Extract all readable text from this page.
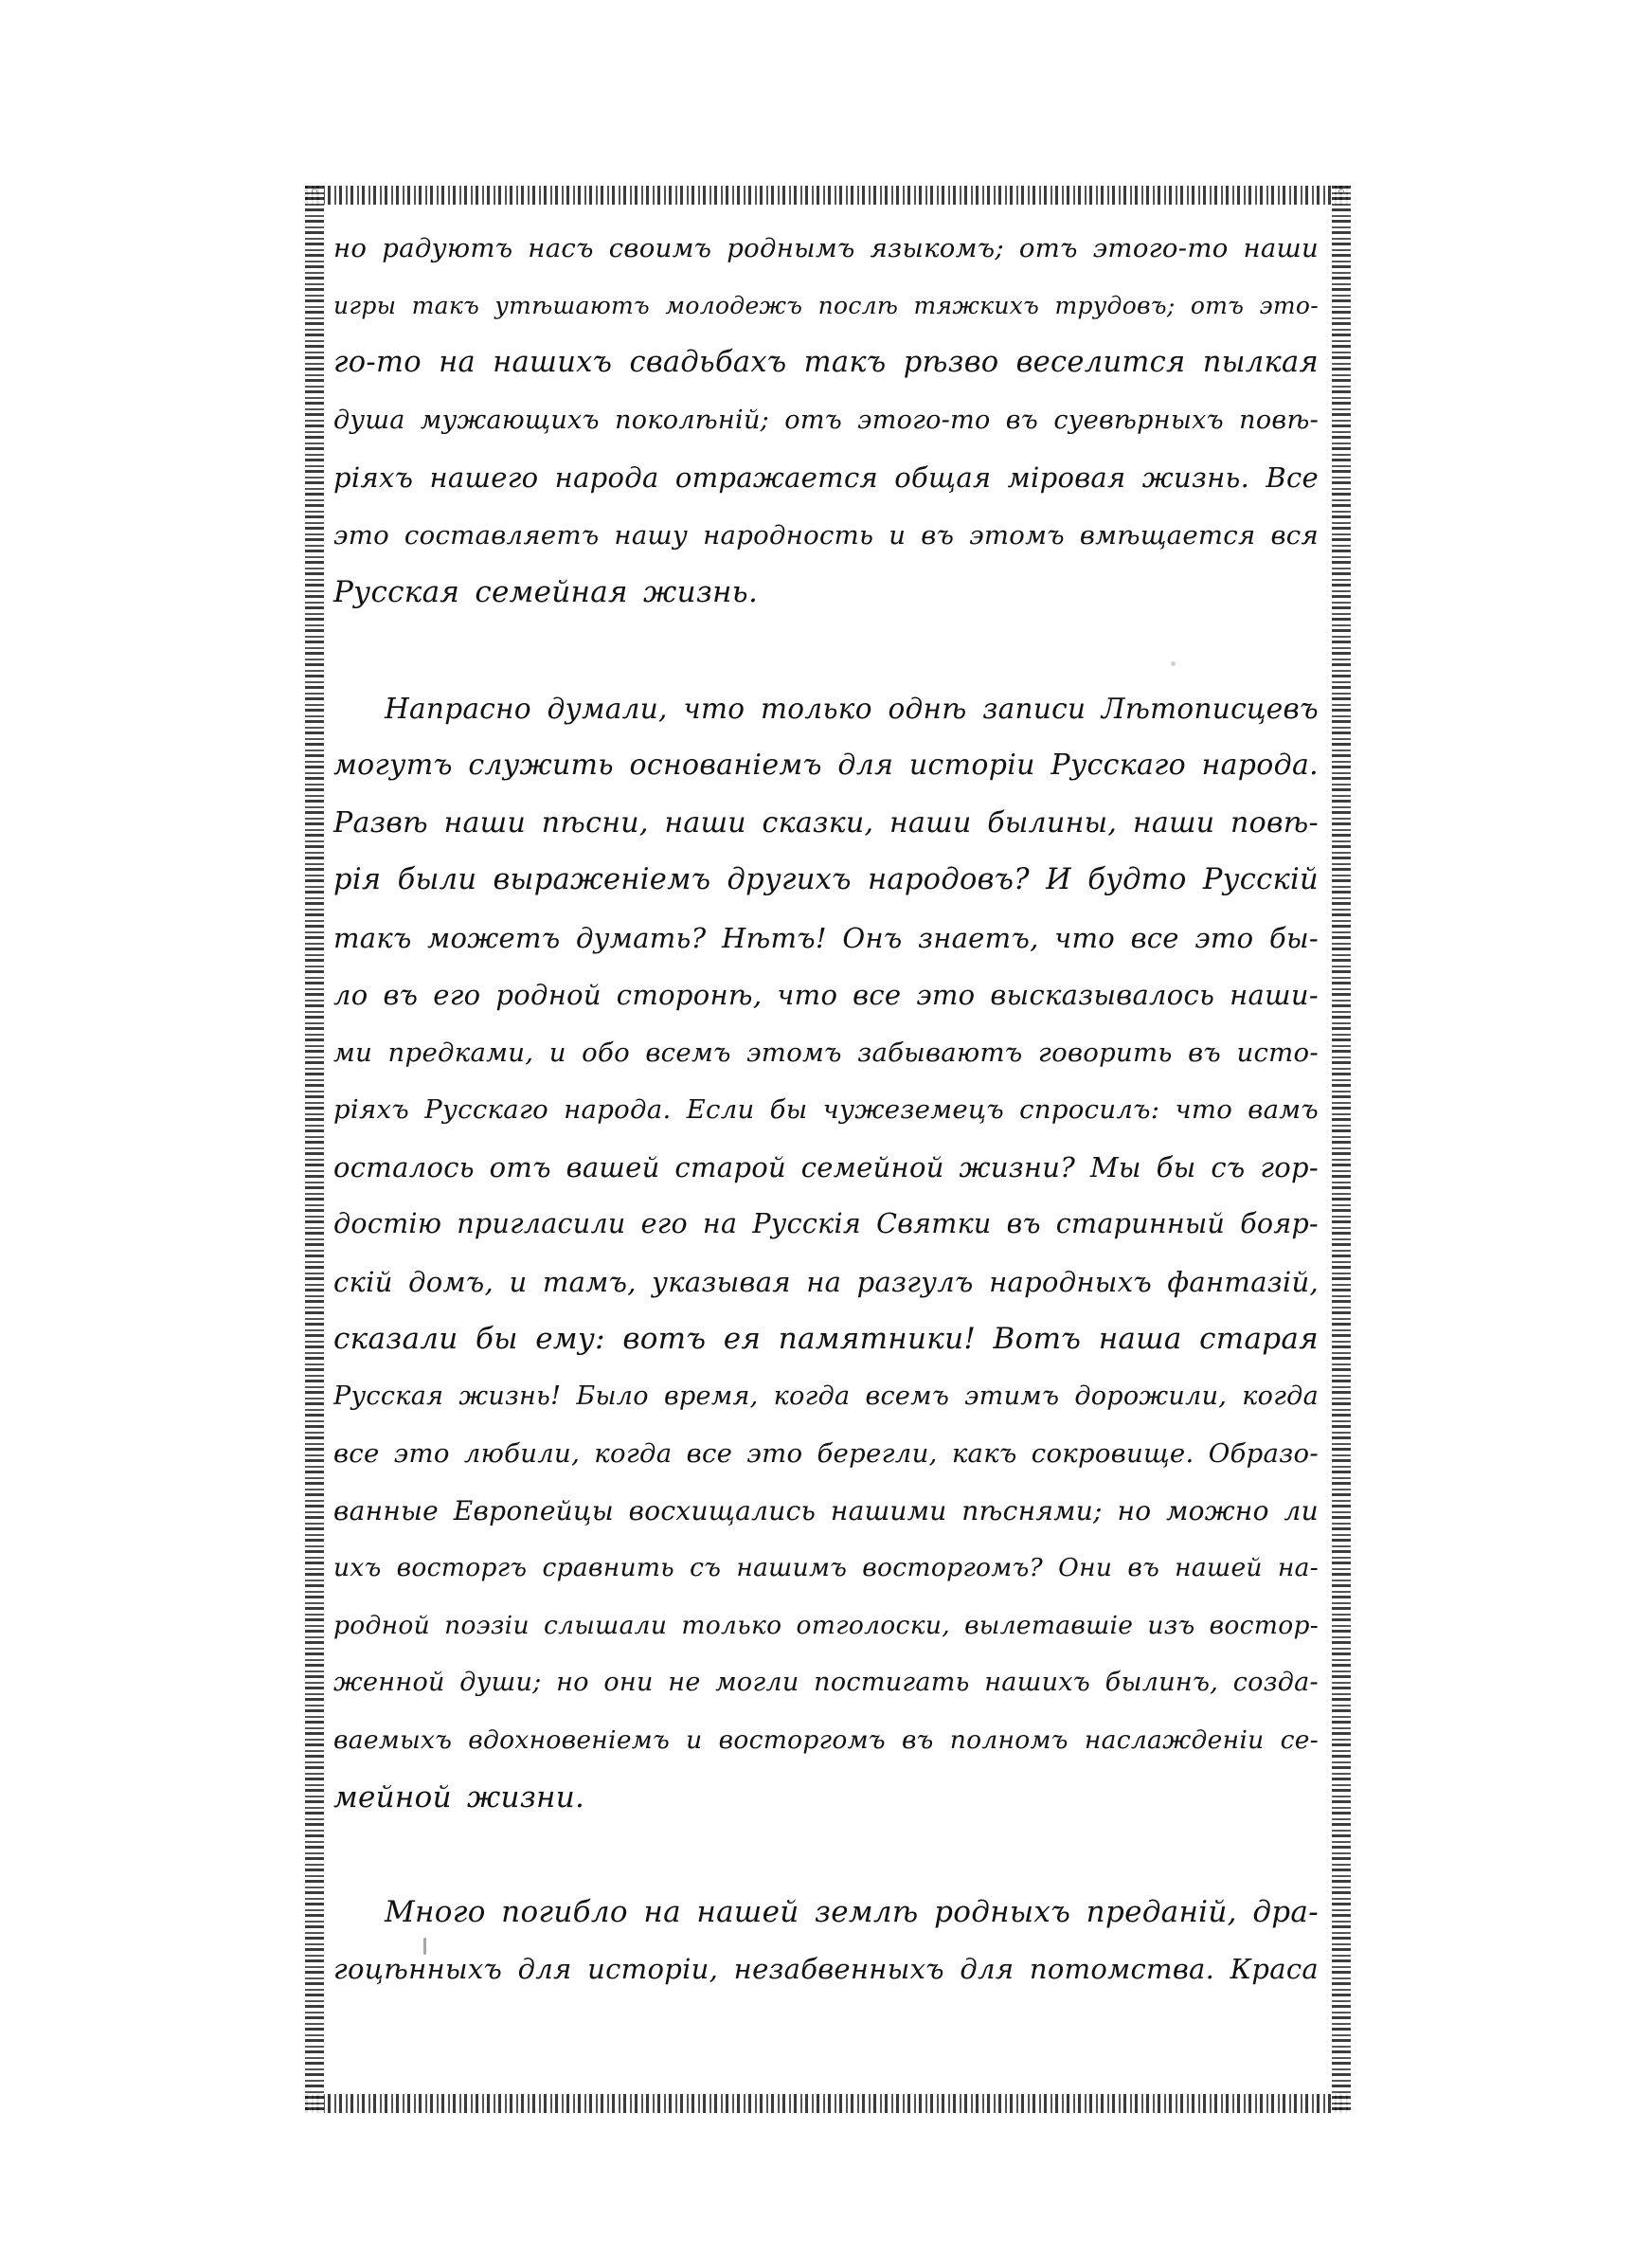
но радуютъ насъ своимъ роднымъ языкомъ; отъ этого-то наши
игры такъ утѣшаютъ молодежъ послѣ тяжкихъ трудовъ; отъ это-
го-то на нашихъ свадьбахъ такъ рѣзво веселится пылкая
душа мужающихъ поколѣній; отъ этого-то въ суевѣрныхъ повѣ-
ріяхъ нашего народа отражается общая міровая жизнь. Все
это составляетъ нашу народность и въ этомъ вмѣщается вся
Русская семейная жизнь.
Напрасно думали, что только однѣ записи Лѣтописцевъ
могутъ служить основаніемъ для исторіи Русскаго народа.
Развѣ наши пѣсни, наши сказки, наши былины, наши повѣ-
рія были выраженіемъ другихъ народовъ? И будто Русскій
такъ можетъ думать? Нѣтъ! Онъ знаетъ, что все это бы-
ло въ его родной сторонѣ, что все это высказывалось наши-
ми предками, и обо всемъ этомъ забываютъ говорить въ исто-
ріяхъ Русскаго народа. Если бы чужеземецъ спросилъ: что вамъ
осталось отъ вашей старой семейной жизни? Мы бы съ гор-
достію пригласили его на Русскія Святки въ старинный бояр-
скій домъ, и тамъ, указывая на разгулъ народныхъ фантазій,
сказали бы ему: вотъ ея памятники! Вотъ наша старая
Русская жизнь! Было время, когда всемъ этимъ дорожили, когда
все это любили, когда все это берегли, какъ сокровище. Образо-
ванные Европейцы восхищались нашими пѣснями; но можно ли
ихъ восторгъ сравнить съ нашимъ восторгомъ? Они въ нашей на-
родной поэзіи слышали только отголоски, вылетавшіе изъ востор-
женной души; но они не могли постигать нашихъ былинъ, созда-
ваемыхъ вдохновеніемъ и восторгомъ въ полномъ наслажденіи се-
мейной жизни.
Много погибло на нашей землѣ родныхъ преданій, дра-
гоцѣнныхъ для исторіи, незабвенныхъ для потомства. Краса
